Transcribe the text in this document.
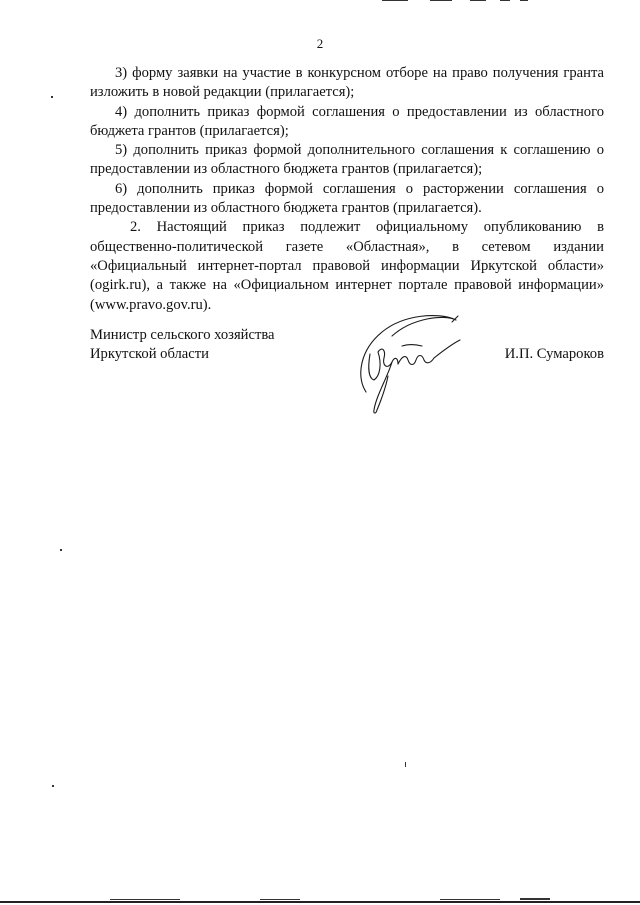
2

3) форму заявки на участие в конкурсном отборе на право получения гранта изложить в новой редакции (прилагается);

4) дополнить приказ формой соглашения о предоставлении из областного бюджета грантов (прилагается);

5) дополнить приказ формой дополнительного соглашения к соглашению о предоставлении из областного бюджета грантов (прилагается);

6) дополнить приказ формой соглашения о расторжении соглашения о предоставлении из областного бюджета грантов (прилагается).

2. Настоящий приказ подлежит официальному опубликованию в общественно-политической газете «Областная», в сетевом издании «Официальный интернет-портал правовой информации Иркутской области» (ogirk.ru), а также на «Официальном интернет портале правовой информации» (www.pravo.gov.ru).

Министр сельского хозяйства
Иркутской области	И.П. Сумароков
